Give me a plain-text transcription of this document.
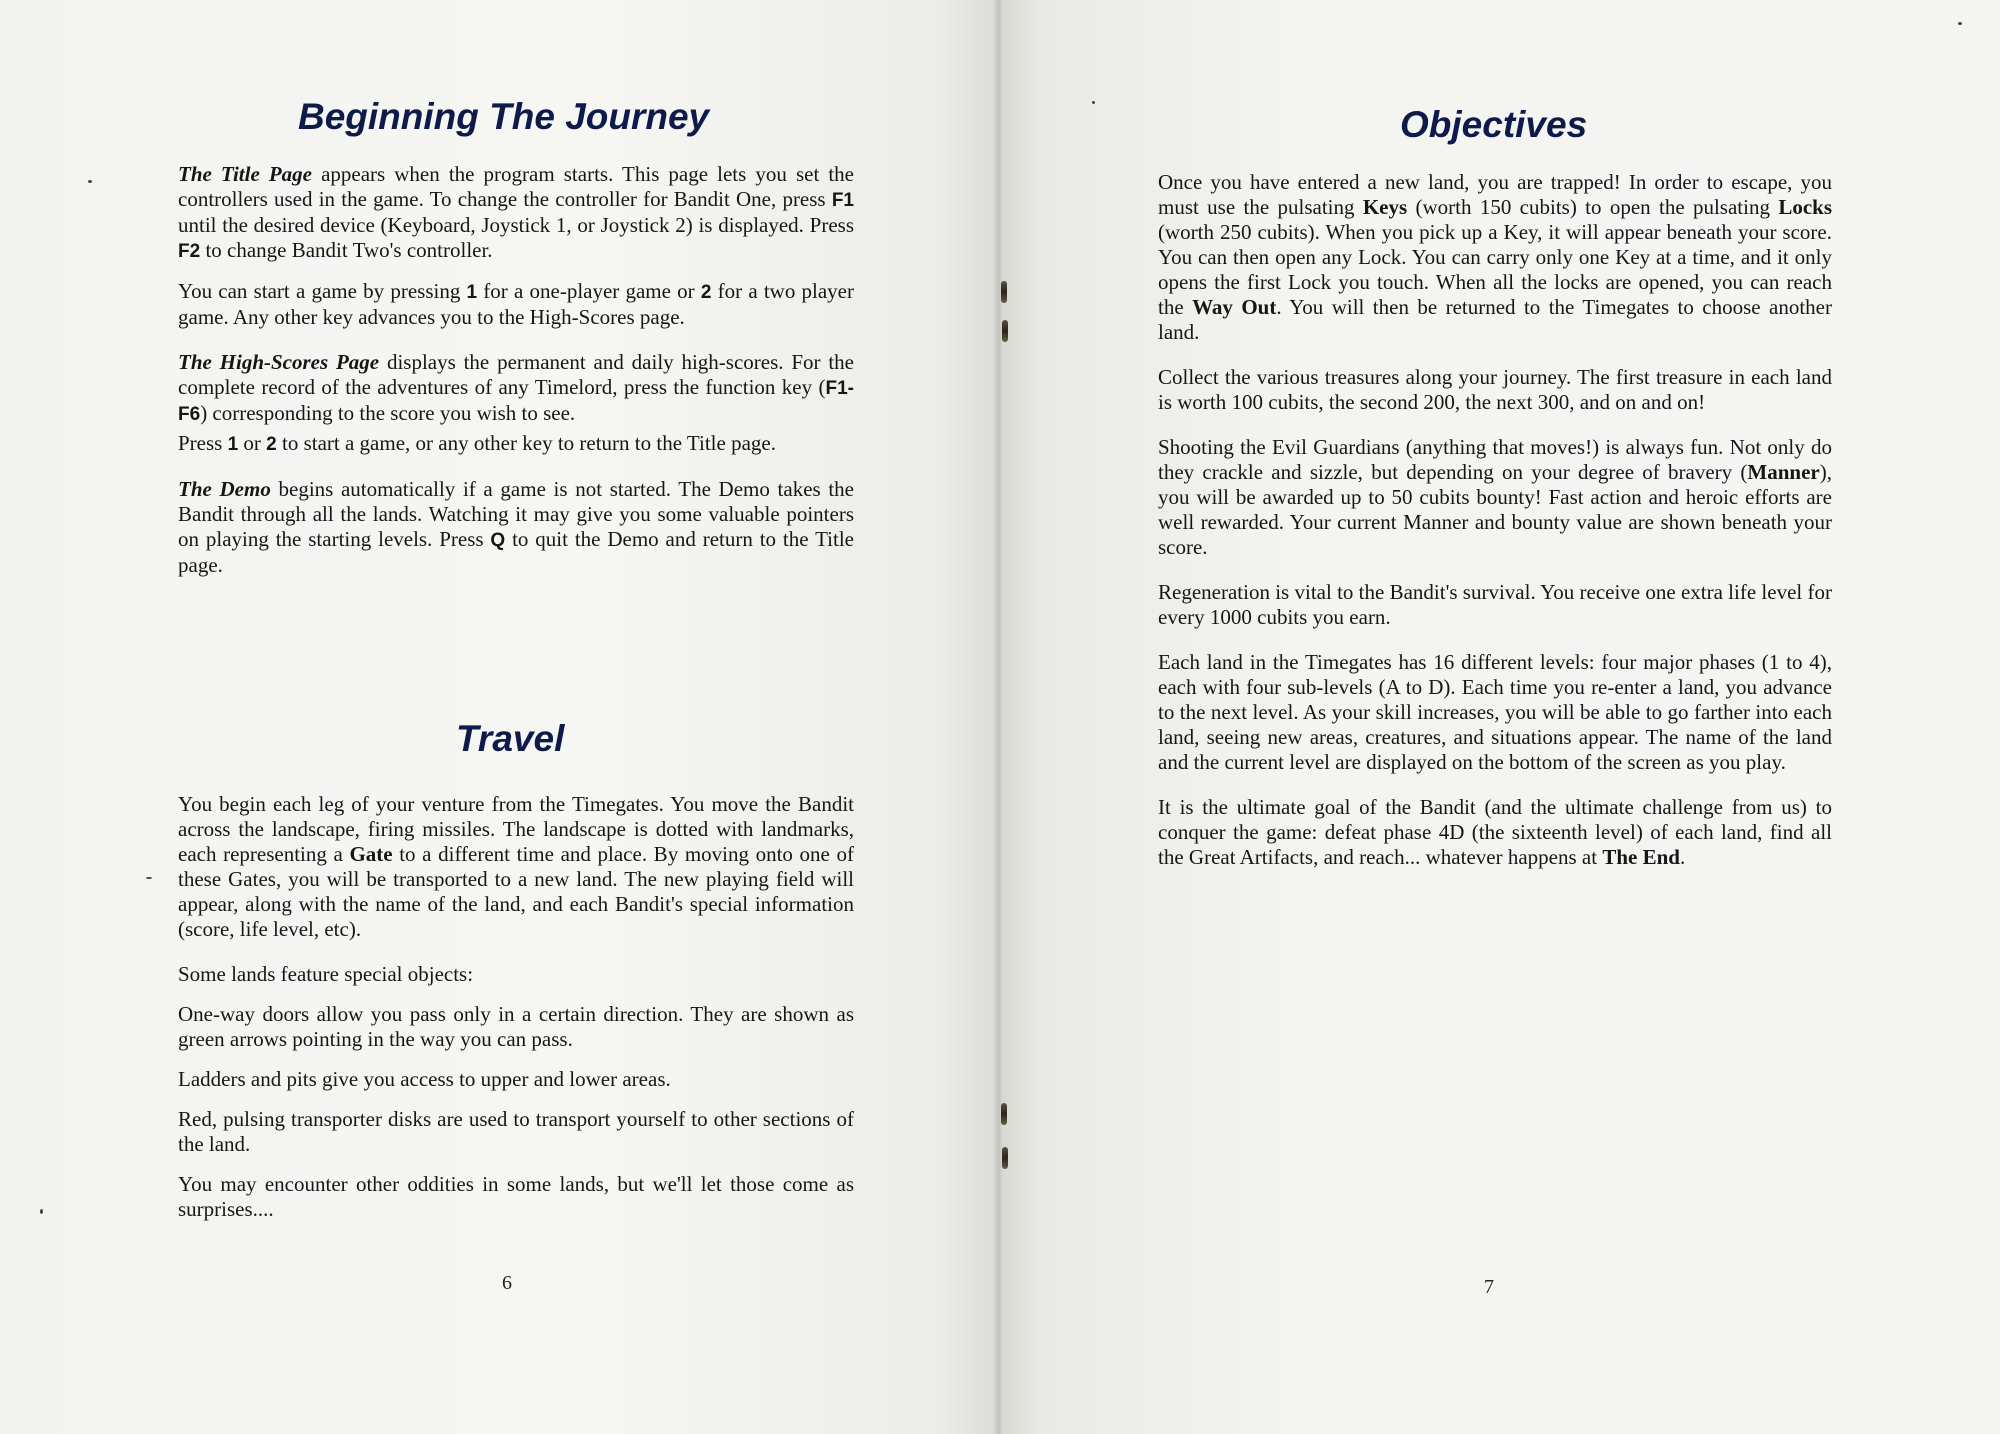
Beginning The Journey

The Title Page appears when the program starts. This page lets you set the controllers used in the game. To change the controller for Bandit One, press F1 until the desired device (Keyboard, Joystick 1, or Joystick 2) is displayed. Press F2 to change Bandit Two's controller.

You can start a game by pressing 1 for a one-player game or 2 for a two player game. Any other key advances you to the High-Scores page.

The High-Scores Page displays the permanent and daily high-scores. For the complete record of the adventures of any Timelord, press the function key (F1-F6) corresponding to the score you wish to see.

Press 1 or 2 to start a game, or any other key to return to the Title page.

The Demo begins automatically if a game is not started. The Demo takes the Bandit through all the lands. Watching it may give you some valuable pointers on playing the starting levels. Press Q to quit the Demo and return to the Title page.

Travel

You begin each leg of your venture from the Timegates. You move the Bandit across the landscape, firing missiles. The landscape is dotted with landmarks, each representing a Gate to a different time and place. By moving onto one of these Gates, you will be transported to a new land. The new playing field will appear, along with the name of the land, and each Bandit's special information (score, life level, etc).

Some lands feature special objects:

One-way doors allow you pass only in a certain direction. They are shown as green arrows pointing in the way you can pass.

Ladders and pits give you access to upper and lower areas.

Red, pulsing transporter disks are used to transport yourself to other sections of the land.

You may encounter other oddities in some lands, but we'll let those come as surprises....

6
Objectives

Once you have entered a new land, you are trapped! In order to escape, you must use the pulsating Keys (worth 150 cubits) to open the pulsating Locks (worth 250 cubits). When you pick up a Key, it will appear beneath your score. You can then open any Lock. You can carry only one Key at a time, and it only opens the first Lock you touch. When all the locks are opened, you can reach the Way Out. You will then be returned to the Timegates to choose another land.

Collect the various treasures along your journey. The first treasure in each land is worth 100 cubits, the second 200, the next 300, and on and on!

Shooting the Evil Guardians (anything that moves!) is always fun. Not only do they crackle and sizzle, but depending on your degree of bravery (Manner), you will be awarded up to 50 cubits bounty! Fast action and heroic efforts are well rewarded. Your current Manner and bounty value are shown beneath your score.

Regeneration is vital to the Bandit's survival. You receive one extra life level for every 1000 cubits you earn.

Each land in the Timegates has 16 different levels: four major phases (1 to 4), each with four sub-levels (A to D). Each time you re-enter a land, you advance to the next level. As your skill increases, you will be able to go farther into each land, seeing new areas, creatures, and situations appear. The name of the land and the current level are displayed on the bottom of the screen as you play.

It is the ultimate goal of the Bandit (and the ultimate challenge from us) to conquer the game: defeat phase 4D (the sixteenth level) of each land, find all the Great Artifacts, and reach... whatever happens at The End.

7
